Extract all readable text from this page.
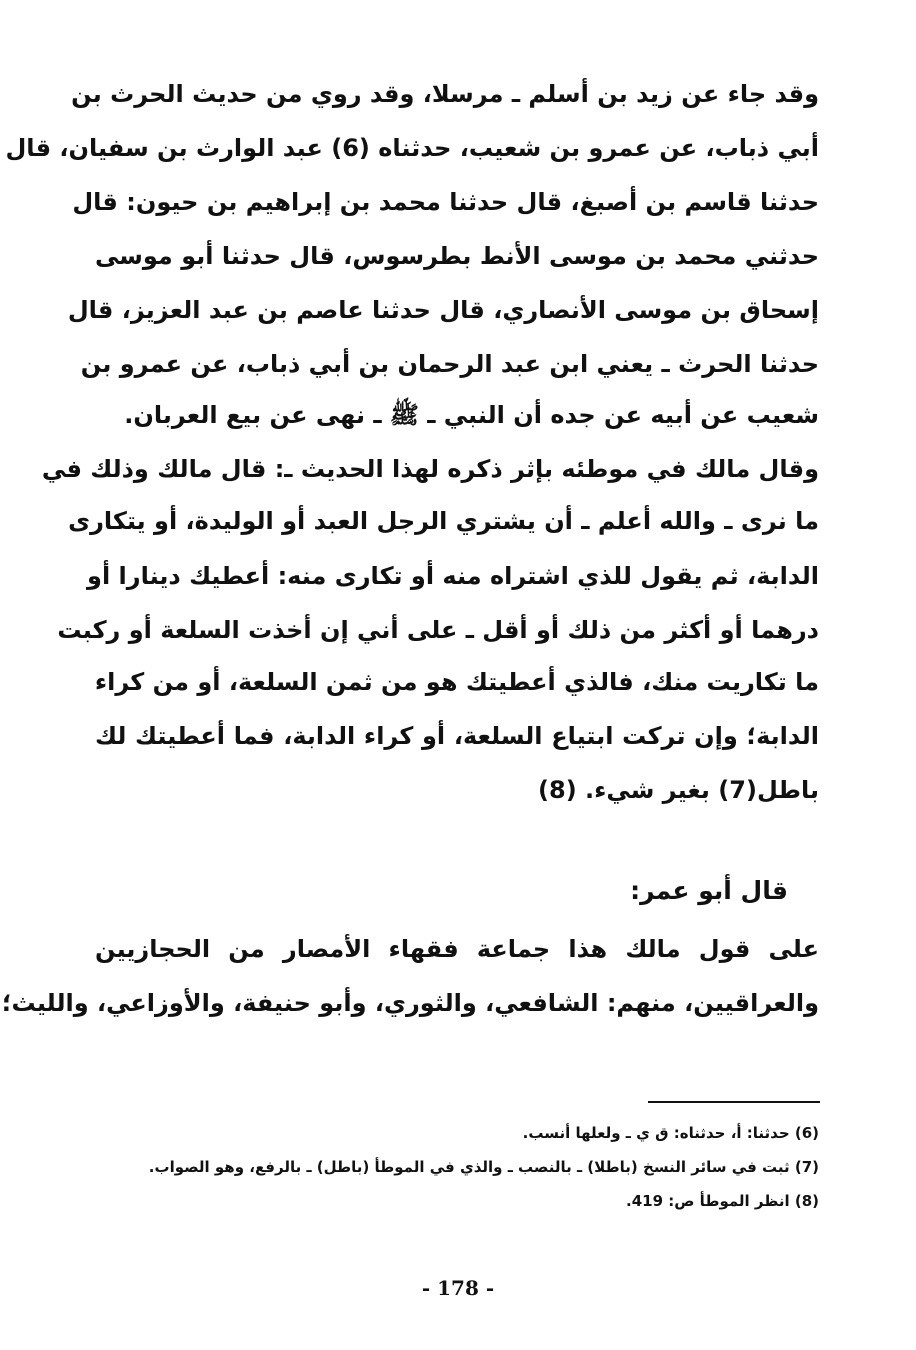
وقد جاء عن زيد بن أسلم ـ مرسلا، وقد روي من حديث الحرث بن
أبي ذباب، عن عمرو بن شعيب، حدثناه (6) عبد الوارث بن سفيان، قال
حدثنا قاسم بن أصبغ، قال حدثنا محمد بن إبراهيم بن حيون: قال
حدثني محمد بن موسى الأنط بطرسوس، قال حدثنا أبو موسى
إسحاق بن موسى الأنصاري، قال حدثنا عاصم بن عبد العزيز، قال
حدثنا الحرث ـ يعني ابن عبد الرحمان بن أبي ذباب، عن عمرو بن
شعيب عن أبيه عن جده أن النبي ـ ﷺ ـ نهى عن بيع العربان.
وقال مالك في موطئه بإثر ذكره لهذا الحديث ـ: قال مالك وذلك في
ما نرى ـ والله أعلم ـ أن يشتري الرجل العبد أو الوليدة، أو يتكارى
الدابة، ثم يقول للذي اشتراه منه أو تكارى منه: أعطيك دينارا أو
درهما أو أكثر من ذلك أو أقل ـ على أني إن أخذت السلعة أو ركبت
ما تكاريت منك، فالذي أعطيتك هو من ثمن السلعة، أو من كراء
الدابة؛ وإن تركت ابتياع السلعة، أو كراء الدابة، فما أعطيتك لك
باطل(7) بغير شيء. (8)
قال أبو عمر:
على قول مالك هذا جماعة فقهاء الأمصار من الحجازيين
والعراقيين، منهم: الشافعي، والثوري، وأبو حنيفة، والأوزاعي، والليث؛
(6) حدثنا: أ، حدثناه: ق ي ـ ولعلها أنسب.
(7) ثبت في سائر النسخ (باطلا) ـ بالنصب ـ والذي في الموطأ (باطل) ـ بالرفع، وهو الصواب.
(8) انظر الموطأ ص: 419.
- 178 -
